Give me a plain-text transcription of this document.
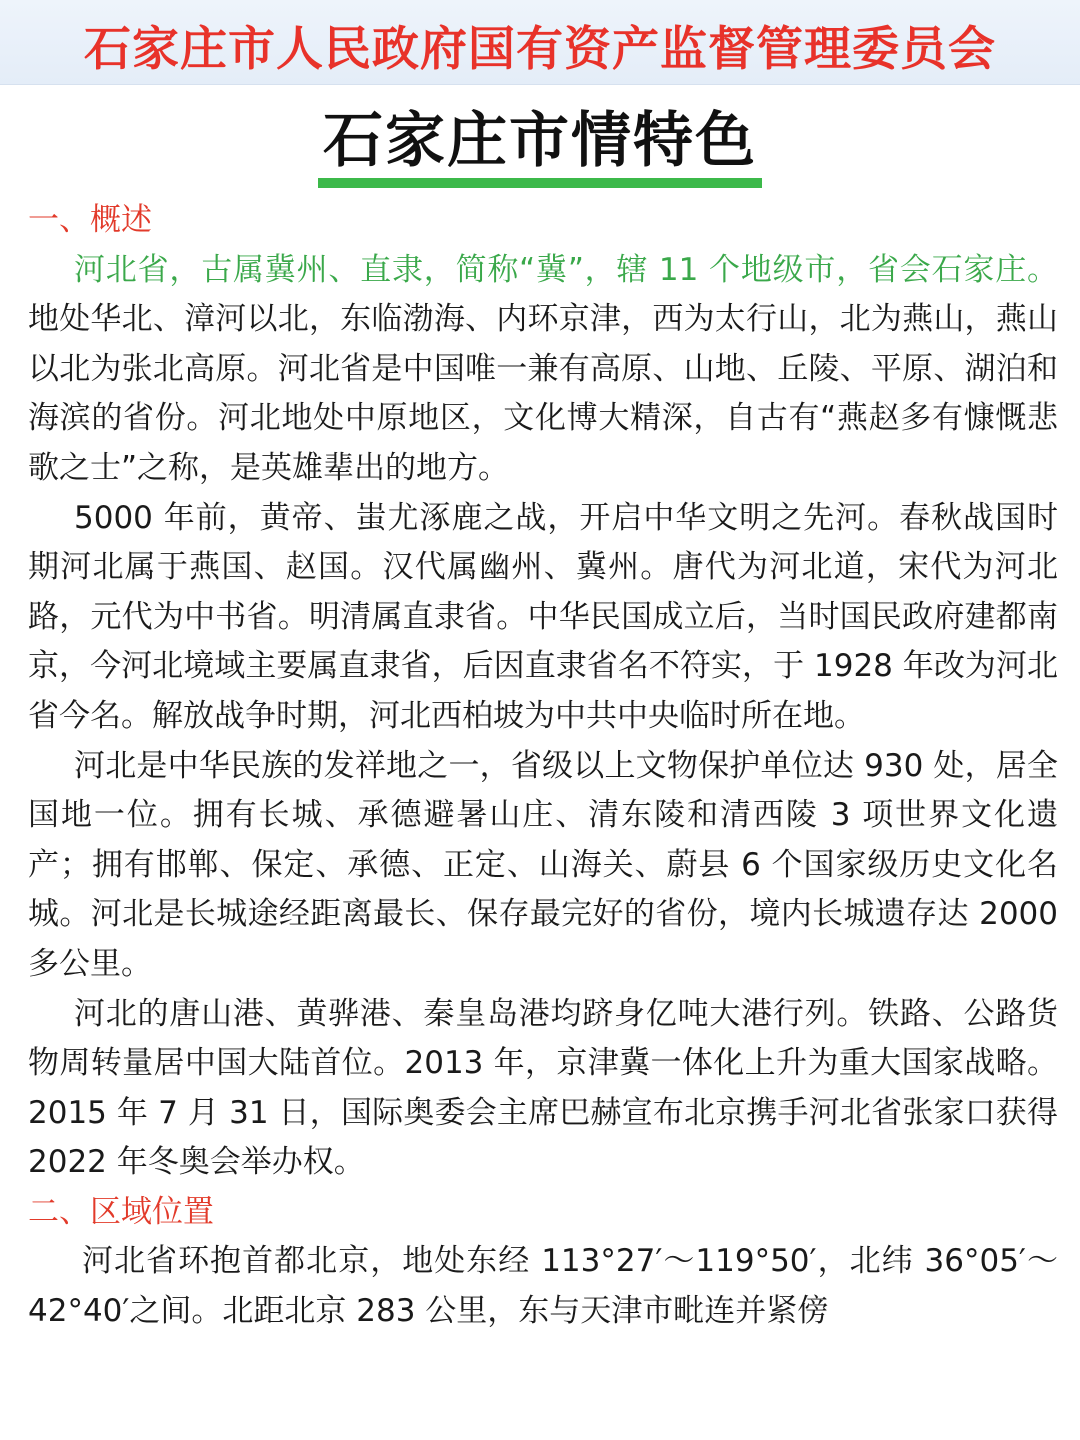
石家庄市人民政府国有资产监督管理委员会
石家庄市情特色

一、概述

河北省，古属冀州、直隶，简称“冀”，辖 11 个地级市，省会石家庄。地处华北、漳河以北，东临渤海、内环京津，西为太行山，北为燕山，燕山以北为张北高原。河北省是中国唯一兼有高原、山地、丘陵、平原、湖泊和海滨的省份。河北地处中原地区，文化博大精深，自古有“燕赵多有慷慨悲歌之士”之称，是英雄辈出的地方。

5000 年前，黄帝、蚩尤涿鹿之战，开启中华文明之先河。春秋战国时期河北属于燕国、赵国。汉代属幽州、冀州。唐代为河北道，宋代为河北路，元代为中书省。明清属直隶省。中华民国成立后，当时国民政府建都南京，今河北境域主要属直隶省，后因直隶省名不符实，于 1928 年改为河北省今名。解放战争时期，河北西柏坡为中共中央临时所在地。

河北是中华民族的发祥地之一，省级以上文物保护单位达 930 处，居全国地一位。拥有长城、承德避暑山庄、清东陵和清西陵 3 项世界文化遗产；拥有邯郸、保定、承德、正定、山海关、蔚县 6 个国家级历史文化名城。河北是长城途经距离最长、保存最完好的省份，境内长城遗存达 2000 多公里。

河北的唐山港、黄骅港、秦皇岛港均跻身亿吨大港行列。铁路、公路货物周转量居中国大陆首位。2013 年，京津冀一体化上升为重大国家战略。2015 年 7 月 31 日，国际奥委会主席巴赫宣布北京携手河北省张家口获得 2022 年冬奥会举办权。

二、区域位置

河北省环抱首都北京，地处东经 113°27′～119°50′，北纬 36°05′～42°40′之间。北距北京 283 公里，东与天津市毗连并紧傍
